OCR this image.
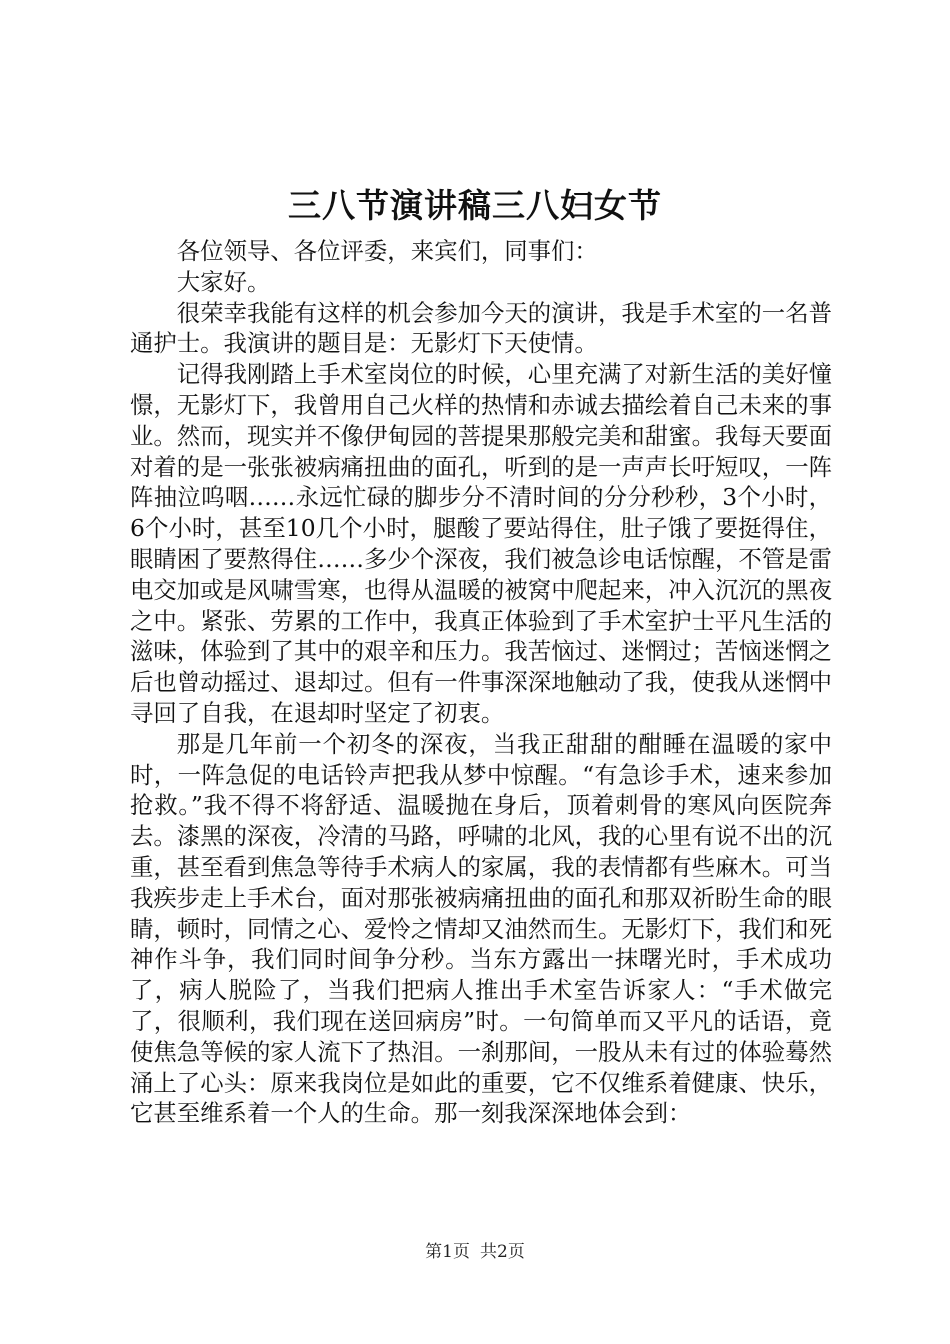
三八节演讲稿三八妇女节

各位领导、各位评委，来宾们，同事们：

大家好。

很荣幸我能有这样的机会参加今天的演讲，我是手术室的一名普通护士。我演讲的题目是：无影灯下天使情。

记得我刚踏上手术室岗位的时候，心里充满了对新生活的美好憧憬，无影灯下，我曾用自己火样的热情和赤诚去描绘着自己未来的事业。然而，现实并不像伊甸园的菩提果那般完美和甜蜜。我每天要面对着的是一张张被病痛扭曲的面孔，听到的是一声声长吁短叹，一阵阵抽泣呜咽……永远忙碌的脚步分不清时间的分分秒秒，3个小时，6个小时，甚至10几个小时，腿酸了要站得住，肚子饿了要挺得住，眼睛困了要熬得住……多少个深夜，我们被急诊电话惊醒，不管是雷电交加或是风啸雪寒，也得从温暖的被窝中爬起来，冲入沉沉的黑夜之中。紧张、劳累的工作中，我真正体验到了手术室护士平凡生活的滋味，体验到了其中的艰辛和压力。我苦恼过、迷惘过；苦恼迷惘之后也曾动摇过、退却过。但有一件事深深地触动了我，使我从迷惘中寻回了自我，在退却时坚定了初衷。

那是几年前一个初冬的深夜，当我正甜甜的酣睡在温暖的家中时，一阵急促的电话铃声把我从梦中惊醒。“有急诊手术，速来参加抢救。”我不得不将舒适、温暖抛在身后，顶着刺骨的寒风向医院奔去。漆黑的深夜，冷清的马路，呼啸的北风，我的心里有说不出的沉重，甚至看到焦急等待手术病人的家属，我的表情都有些麻木。可当我疾步走上手术台，面对那张被病痛扭曲的面孔和那双祈盼生命的眼睛，顿时，同情之心、爱怜之情却又油然而生。无影灯下，我们和死神作斗争，我们同时间争分秒。当东方露出一抹曙光时，手术成功了，病人脱险了，当我们把病人推出手术室告诉家人：“手术做完了，很顺利，我们现在送回病房”时。一句简单而又平凡的话语，竟使焦急等候的家人流下了热泪。一刹那间，一股从未有过的体验蓦然涌上了心头：原来我岗位是如此的重要，它不仅维系着健康、快乐，它甚至维系着一个人的生命。那一刻我深深地体会到：

第1页 共2页
